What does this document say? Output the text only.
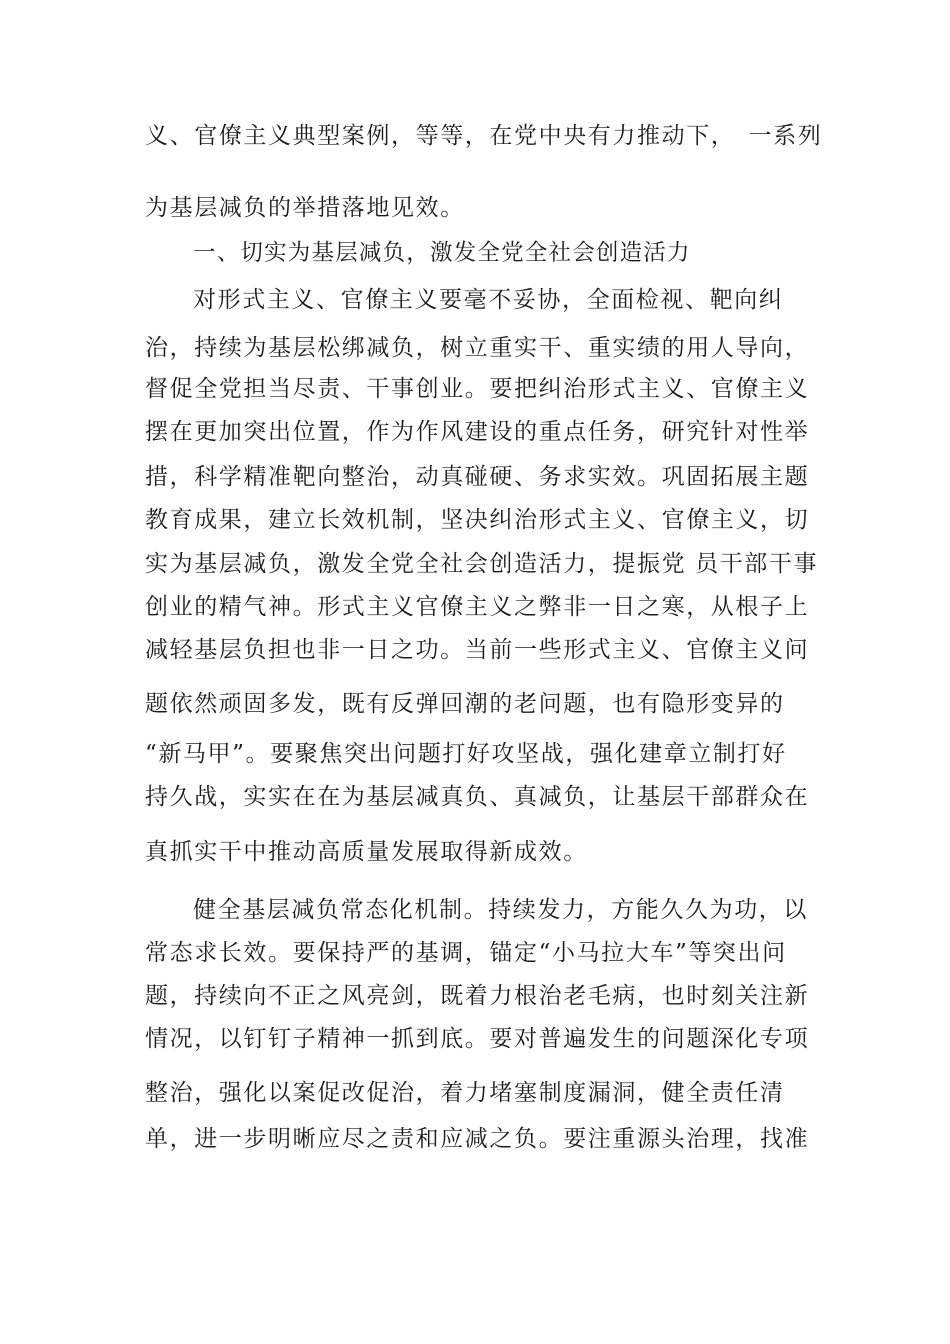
义、官僚主义典型案例，等等，在党中央有力推动下，　一系列
为基层减负的举措落地见效。
一、切实为基层减负，激发全党全社会创造活力
对形式主义、官僚主义要毫不妥协，全面检视、靶向纠
治，持续为基层松绑减负，树立重实干、重实绩的用人导向，
督促全党担当尽责、干事创业。要把纠治形式主义、官僚主义
摆在更加突出位置，作为作风建设的重点任务，研究针对性举
措，科学精准靶向整治，动真碰硬、务求实效。巩固拓展主题
教育成果，建立长效机制，坚决纠治形式主义、官僚主义，切
实为基层减负，激发全党全社会创造活力，提振党 员干部干事
创业的精气神。形式主义官僚主义之弊非一日之寒，从根子上
减轻基层负担也非一日之功。当前一些形式主义、官僚主义问
题依然顽固多发，既有反弹回潮的老问题，也有隐形变异的
“新马甲”。要聚焦突出问题打好攻坚战，强化建章立制打好
持久战，实实在在为基层减真负、真减负，让基层干部群众在
真抓实干中推动高质量发展取得新成效。
健全基层减负常态化机制。持续发力，方能久久为功，以
常态求长效。要保持严的基调，锚定“小马拉大车”等突出问
题，持续向不正之风亮剑，既着力根治老毛病，也时刻关注新
情况，以钉钉子精神一抓到底。要对普遍发生的问题深化专项
整治，强化以案促改促治，着力堵塞制度漏洞，健全责任清
单，进一步明晰应尽之责和应减之负。要注重源头治理，找准
